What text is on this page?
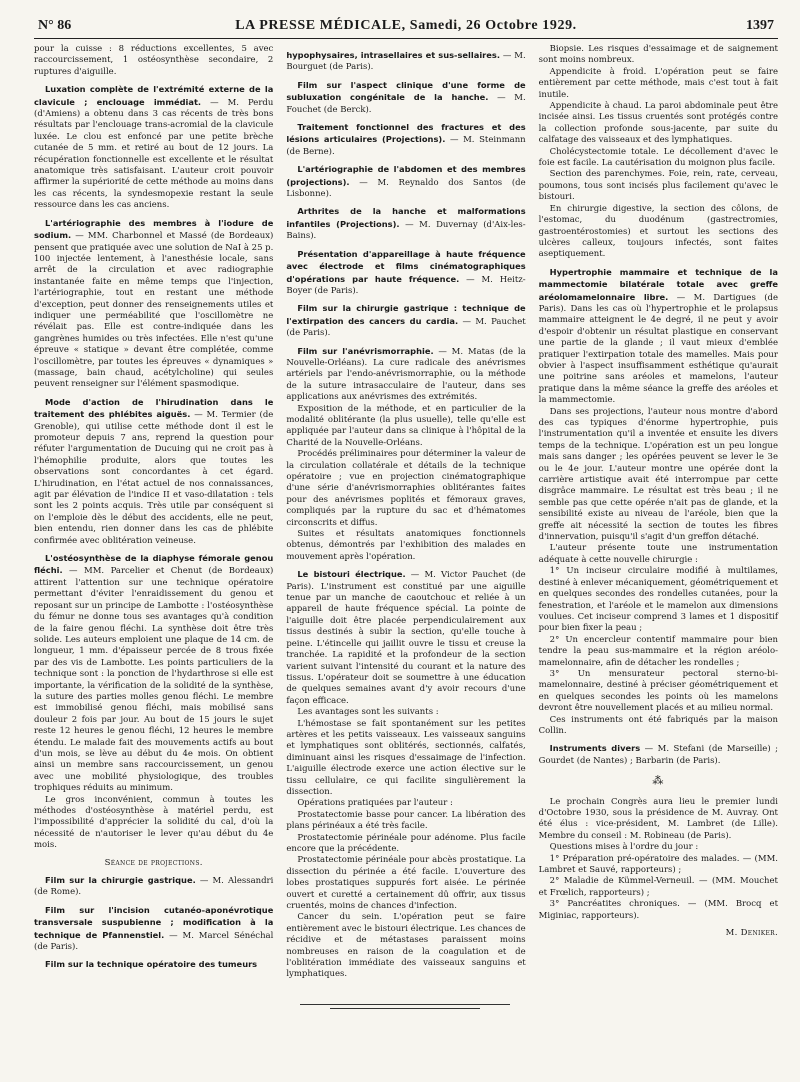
N° 86	LA PRESSE MÉDICALE, Samedi, 26 Octobre 1929.	1397

pour la cuisse : 8 réductions excellentes, 5 avec raccourcissement, 1 ostéosynthèse secondaire, 2 ruptures d'aiguille.

Luxation complète de l'extrémité externe de la clavicule ; enclouage immédiat. — M. Perdu (d'Amiens) a obtenu dans 3 cas récents de très bons résultats par l'enclouage trans-acromial de la clavicule luxée. Le clou est enfoncé par une petite brèche cutanée de 5 mm. et retiré au bout de 12 jours. La récupération fonctionnelle est excellente et le résultat anatomique très satisfaisant. L'auteur croit pouvoir affirmer la supériorité de cette méthode au moins dans les cas récents, la syndesmopexie restant la seule ressource dans les cas anciens.

L'artériographie des membres à l'iodure de sodium. — MM. Charbonnel et Massé (de Bordeaux) pensent que pratiquée avec une solution de NaI à 25 p. 100 injectée lentement, à l'anesthésie locale, sans arrêt de la circulation et avec radiographie instantanée faite en même temps que l'injection, l'artériographie, tout en restant une méthode d'exception, peut donner des renseignements utiles et indiquer une perméabilité que l'oscillomètre ne révélait pas. Elle est contre-indiquée dans les gangrènes humides ou très infectées. Elle n'est qu'une épreuve « statique » devant être complétée, comme l'oscillomètre, par toutes les épreuves « dynamiques » (massage, bain chaud, acétylcholine) qui seules peuvent renseigner sur l'élément spasmodique.

Mode d'action de l'hirudination dans le traitement des phlébites aiguës. — M. Termier (de Grenoble), qui utilise cette méthode dont il est le promoteur depuis 7 ans, reprend la question pour réfuter l'argumentation de Ducuing qui ne croit pas à l'hémophilie produite, alors que toutes les observations sont concordantes à cet égard. L'hirudination, en l'état actuel de nos connaissances, agit par élévation de l'indice II et vaso-dilatation : tels sont les 2 points acquis. Très utile par conséquent si on l'emploie dès le début des accidents, elle ne peut, bien entendu, rien donner dans les cas de phlébite confirmée avec oblitération veineuse.

L'ostéosynthèse de la diaphyse fémorale genou fléchi. — MM. Parcelier et Chenut (de Bordeaux) attirent l'attention sur une technique opératoire permettant d'éviter l'enraidissement du genou et reposant sur un principe de Lambotte : l'ostéosynthèse du fémur ne donne tous ses avantages qu'à condition de la faire genou fléchi. La synthèse doit être très solide. Les auteurs emploient une plaque de 14 cm. de longueur, 1 mm. d'épaisseur percée de 8 trous fixée par des vis de Lambotte. Les points particuliers de la technique sont : la ponction de l'hydarthrose si elle est importante, la vérification de la solidité de la synthèse, la suture des parties molles genou fléchi. Le membre est immobilisé genou fléchi, mais mobilisé sans douleur 2 fois par jour. Au bout de 15 jours le sujet reste 12 heures le genou fléchi, 12 heures le membre étendu. Le malade fait des mouvements actifs au bout d'un mois, se lève au début du 4e mois. On obtient ainsi un membre sans raccourcissement, un genou avec une mobilité physiologique, des troubles trophiques réduits au minimum.

Le gros inconvénient, commun à toutes les méthodes d'ostéosynthèse à matériel perdu, est l'impossibilité d'apprécier la solidité du cal, d'où la nécessité de n'autoriser le lever qu'au début du 4e mois.

Séance de projections.

Film sur la chirurgie gastrique. — M. Alessandri (de Rome).

Film sur l'incision cutanéo-aponévrotique transversale suspubienne ; modification à la technique de Pfannenstiel. — M. Marcel Sénéchal (de Paris).

Film sur la technique opératoire des tumeurs

hypophysaires, intrasellaires et sus-sellaires. — M. Bourguet (de Paris).

Film sur l'aspect clinique d'une forme de subluxation congénitale de la hanche. — M. Fouchet (de Berck).

Traitement fonctionnel des fractures et des lésions articulaires (Projections). — M. Steinmann (de Berne).

L'artériographie de l'abdomen et des membres (projections). — M. Reynaldo dos Santos (de Lisbonne).

Arthrites de la hanche et malformations infantiles (Projections). — M. Duvernay (d'Aix-les-Bains).

Présentation d'appareillage à haute fréquence avec électrode et films cinématographiques d'opérations par haute fréquence. — M. Heitz-Boyer (de Paris).

Film sur la chirurgie gastrique : technique de l'extirpation des cancers du cardia. — M. Pauchet (de Paris).

Film sur l'anévrismorraphie. — M. Matas (de la Nouvelle-Orléans). La cure radicale des anévrismes artériels par l'endo-anévrismorraphie, ou la méthode de la suture intrasacculaire de l'auteur, dans ses applications aux anévrismes des extrémités.

Exposition de la méthode, et en particulier de la modalité oblitérante (la plus usuelle), telle qu'elle est appliquée par l'auteur dans sa clinique à l'hôpital de la Charité de la Nouvelle-Orléans.

Procédés préliminaires pour déterminer la valeur de la circulation collatérale et détails de la technique opératoire ; vue en projection cinématographique d'une série d'anévrismorraphies oblitérantes faites pour des anévrismes poplités et fémoraux graves, compliqués par la rupture du sac et d'hématomes circonscrits et diffus.

Suites et résultats anatomiques fonctionnels obtenus, démontrés par l'exhibition des malades en mouvement après l'opération.

Le bistouri électrique. — M. Victor Pauchet (de Paris). L'instrument est constitué par une aiguille tenue par un manche de caoutchouc et reliée à un appareil de haute fréquence spécial. La pointe de l'aiguille doit être placée perpendiculairement aux tissus destinés à subir la section, qu'elle touche à peine. L'étincelle qui jaillit ouvre le tissu et creuse la tranchée. La rapidité et la profondeur de la section varient suivant l'intensité du courant et la nature des tissus. L'opérateur doit se soumettre à une éducation de quelques semaines avant d'y avoir recours d'une façon efficace.

Les avantages sont les suivants :

L'hémostase se fait spontanément sur les petites artères et les petits vaisseaux. Les vaisseaux sanguins et lymphatiques sont oblitérés, sectionnés, calfatés, diminuant ainsi les risques d'essaimage de l'infection. L'aiguille électrode exerce une action élective sur le tissu cellulaire, ce qui facilite singulièrement la dissection.

Opérations pratiquées par l'auteur :

Prostatectomie basse pour cancer. La libération des plans périnéaux a été très facile.

Prostatectomie périnéale pour adénome. Plus facile encore que la précédente.

Prostatectomie périnéale pour abcès prostatique. La dissection du périnée a été facile. L'ouverture des lobes prostatiques suppurés fort aisée. Le périnée ouvert et curetté a certainement dû offrir, aux tissus cruentés, moins de chances d'infection.

Cancer du sein. L'opération peut se faire entièrement avec le bistouri électrique. Les chances de récidive et de métastases paraissent moins nombreuses en raison de la coagulation et de l'oblitération immédiate des vaisseaux sanguins et lymphatiques.

Biopsie. Les risques d'essaimage et de saignement sont moins nombreux.

Appendicite à froid. L'opération peut se faire entièrement par cette méthode, mais c'est tout à fait inutile.

Appendicite à chaud. La paroi abdominale peut être incisée ainsi. Les tissus cruentés sont protégés contre la collection profonde sous-jacente, par suite du calfatage des vaisseaux et des lymphatiques.

Cholécystectomie totale. Le décollement d'avec le foie est facile. La cautérisation du moignon plus facile.

Section des parenchymes. Foie, rein, rate, cerveau, poumons, tous sont incisés plus facilement qu'avec le bistouri.

En chirurgie digestive, la section des côlons, de l'estomac, du duodénum (gastrectromies, gastroentérostomies) et surtout les sections des ulcères calleux, toujours infectés, sont faites aseptiquement.

Hypertrophie mammaire et technique de la mammectomie bilatérale totale avec greffe aréolomamelonnaire libre. — M. Dartigues (de Paris). Dans les cas où l'hypertrophie et le prolapsus mammaire atteignent le 4e degré, il ne peut y avoir d'espoir d'obtenir un résultat plastique en conservant une partie de la glande ; il vaut mieux d'emblée pratiquer l'extirpation totale des mamelles. Mais pour obvier à l'aspect insuffisamment esthétique qu'aurait une poitrine sans aréoles et mamelons, l'auteur pratique dans la même séance la greffe des aréoles et la mammectomie.

Dans ses projections, l'auteur nous montre d'abord des cas typiques d'énorme hypertrophie, puis l'instrumentation qu'il a inventée et ensuite les divers temps de la technique. L'opération est un peu longue mais sans danger ; les opérées peuvent se lever le 3e ou le 4e jour. L'auteur montre une opérée dont la carrière artistique avait été interrompue par cette disgrâce mammaire. Le résultat est très beau ; il ne semble pas que cette opérée n'ait pas de glande, et la sensibilité existe au niveau de l'aréole, bien que la greffe ait nécessité la section de toutes les fibres d'innervation, puisqu'il s'agit d'un greffon détaché.

L'auteur présente toute une instrumentation adéquate à cette nouvelle chirurgie :

1° Un inciseur circulaire modifié à multilames, destiné à enlever mécaniquement, géométriquement et en quelques secondes des rondelles cutanées, pour la fenestration, et l'aréole et le mamelon aux dimensions voulues. Cet inciseur comprend 3 lames et 1 dispositif pour bien fixer la peau ;

2° Un encercleur contentif mammaire pour bien tendre la peau sus-mammaire et la région aréolo-mamelonnaire, afin de détacher les rondelles ;

3° Un mensurateur pectoral sterno-bi-mamelonnaire, destiné à préciser géométriquement et en quelques secondes les points où les mamelons devront être nouvellement placés et au milieu normal.

Ces instruments ont été fabriqués par la maison Collin.

Instruments divers — M. Stefani (de Marseille) ; Gourdet (de Nantes) ; Barbarin (de Paris).

⁂

Le prochain Congrès aura lieu le premier lundi d'Octobre 1930, sous la présidence de M. Auvray. Ont été élus : vice-président, M. Lambret (de Lille). Membre du conseil : M. Robineau (de Paris).

Questions mises à l'ordre du jour :

1° Préparation pré-opératoire des malades. — (MM. Lambret et Sauvé, rapporteurs) ;

2° Maladie de Kümmel-Verneuil. — (MM. Mouchet et Frœlich, rapporteurs) ;

3° Pancréatites chroniques. — (MM. Brocq et Miginiac, rapporteurs).

M. Deniker.
